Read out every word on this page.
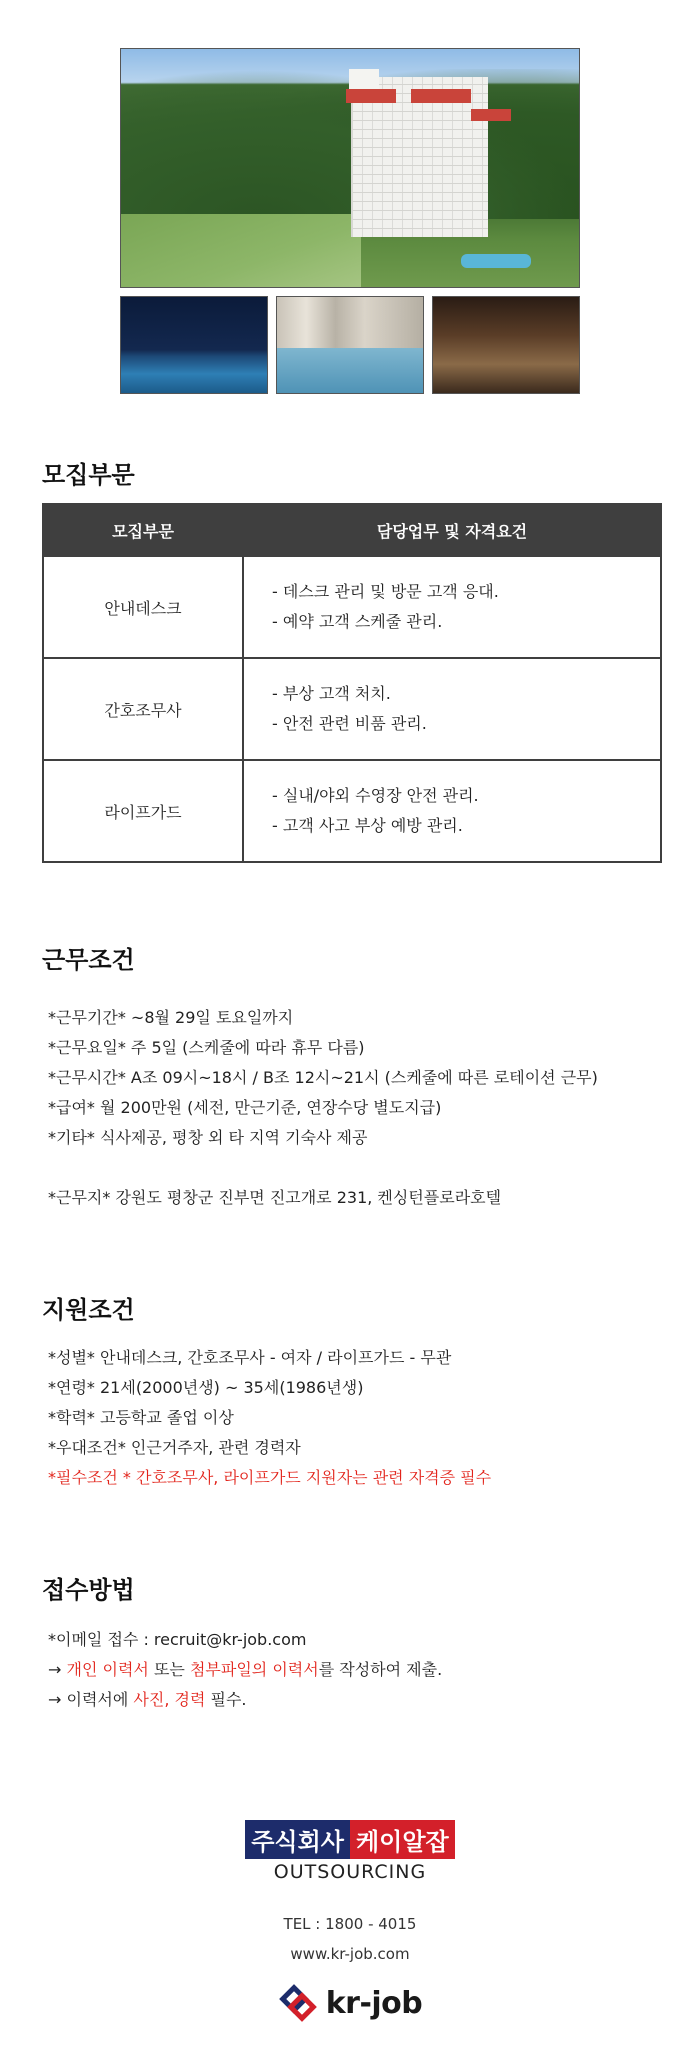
모집부문
모집부문	담당업무 및 자격요건
안내데스크	- 데스크 관리 및 방문 고객 응대.
- 예약 고객 스케줄 관리.

간호조무사	- 부상 고객 처치.
- 안전 관련 비품 관리.

라이프가드	- 실내/야외 수영장 안전 관리.
- 고객 사고 부상 예방 관리.
근무조건
*근무기간* ~8월 29일 토요일까지
*근무요일* 주 5일 (스케줄에 따라 휴무 다름)
*근무시간* A조 09시~18시 / B조 12시~21시 (스케줄에 따른 로테이션 근무)
*급여* 월 200만원 (세전, 만근기준, 연장수당 별도지급)
*기타* 식사제공, 평창 외 타 지역 기숙사 제공
*근무지* 강원도 평창군 진부면 진고개로 231, 켄싱턴플로라호텔
지원조건
*성별* 안내데스크, 간호조무사 - 여자 / 라이프가드 - 무관
*연령* 21세(2000년생) ~ 35세(1986년생)
*학력* 고등학교 졸업 이상
*우대조건* 인근거주자, 관련 경력자
*필수조건 * 간호조무사, 라이프가드 지원자는 관련 자격증 필수
접수방법
*이메일 접수 : recruit@kr-job.com
→ 개인 이력서 또는 첨부파일의 이력서를 작성하여 제출.
→ 이력서에 사진, 경력 필수.
주식회사 케이알잡
OUTSOURCING
TEL : 1800 - 4015
www.kr-job.com
kr-job
